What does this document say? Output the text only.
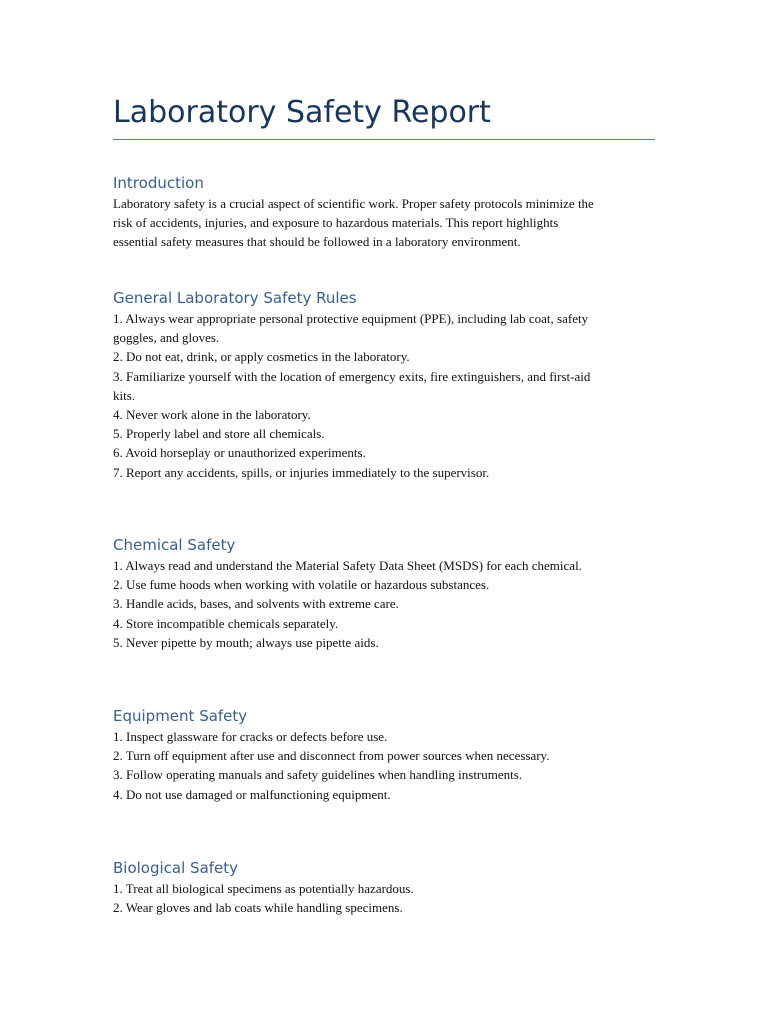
Laboratory Safety Report
Introduction
Laboratory safety is a crucial aspect of scientific work. Proper safety protocols minimize the
risk of accidents, injuries, and exposure to hazardous materials. This report highlights
essential safety measures that should be followed in a laboratory environment.
General Laboratory Safety Rules
1. Always wear appropriate personal protective equipment (PPE), including lab coat, safety
goggles, and gloves.
2. Do not eat, drink, or apply cosmetics in the laboratory.
3. Familiarize yourself with the location of emergency exits, fire extinguishers, and first-aid
kits.
4. Never work alone in the laboratory.
5. Properly label and store all chemicals.
6. Avoid horseplay or unauthorized experiments.
7. Report any accidents, spills, or injuries immediately to the supervisor.
Chemical Safety
1. Always read and understand the Material Safety Data Sheet (MSDS) for each chemical.
2. Use fume hoods when working with volatile or hazardous substances.
3. Handle acids, bases, and solvents with extreme care.
4. Store incompatible chemicals separately.
5. Never pipette by mouth; always use pipette aids.
Equipment Safety
1. Inspect glassware for cracks or defects before use.
2. Turn off equipment after use and disconnect from power sources when necessary.
3. Follow operating manuals and safety guidelines when handling instruments.
4. Do not use damaged or malfunctioning equipment.
Biological Safety
1. Treat all biological specimens as potentially hazardous.
2. Wear gloves and lab coats while handling specimens.
